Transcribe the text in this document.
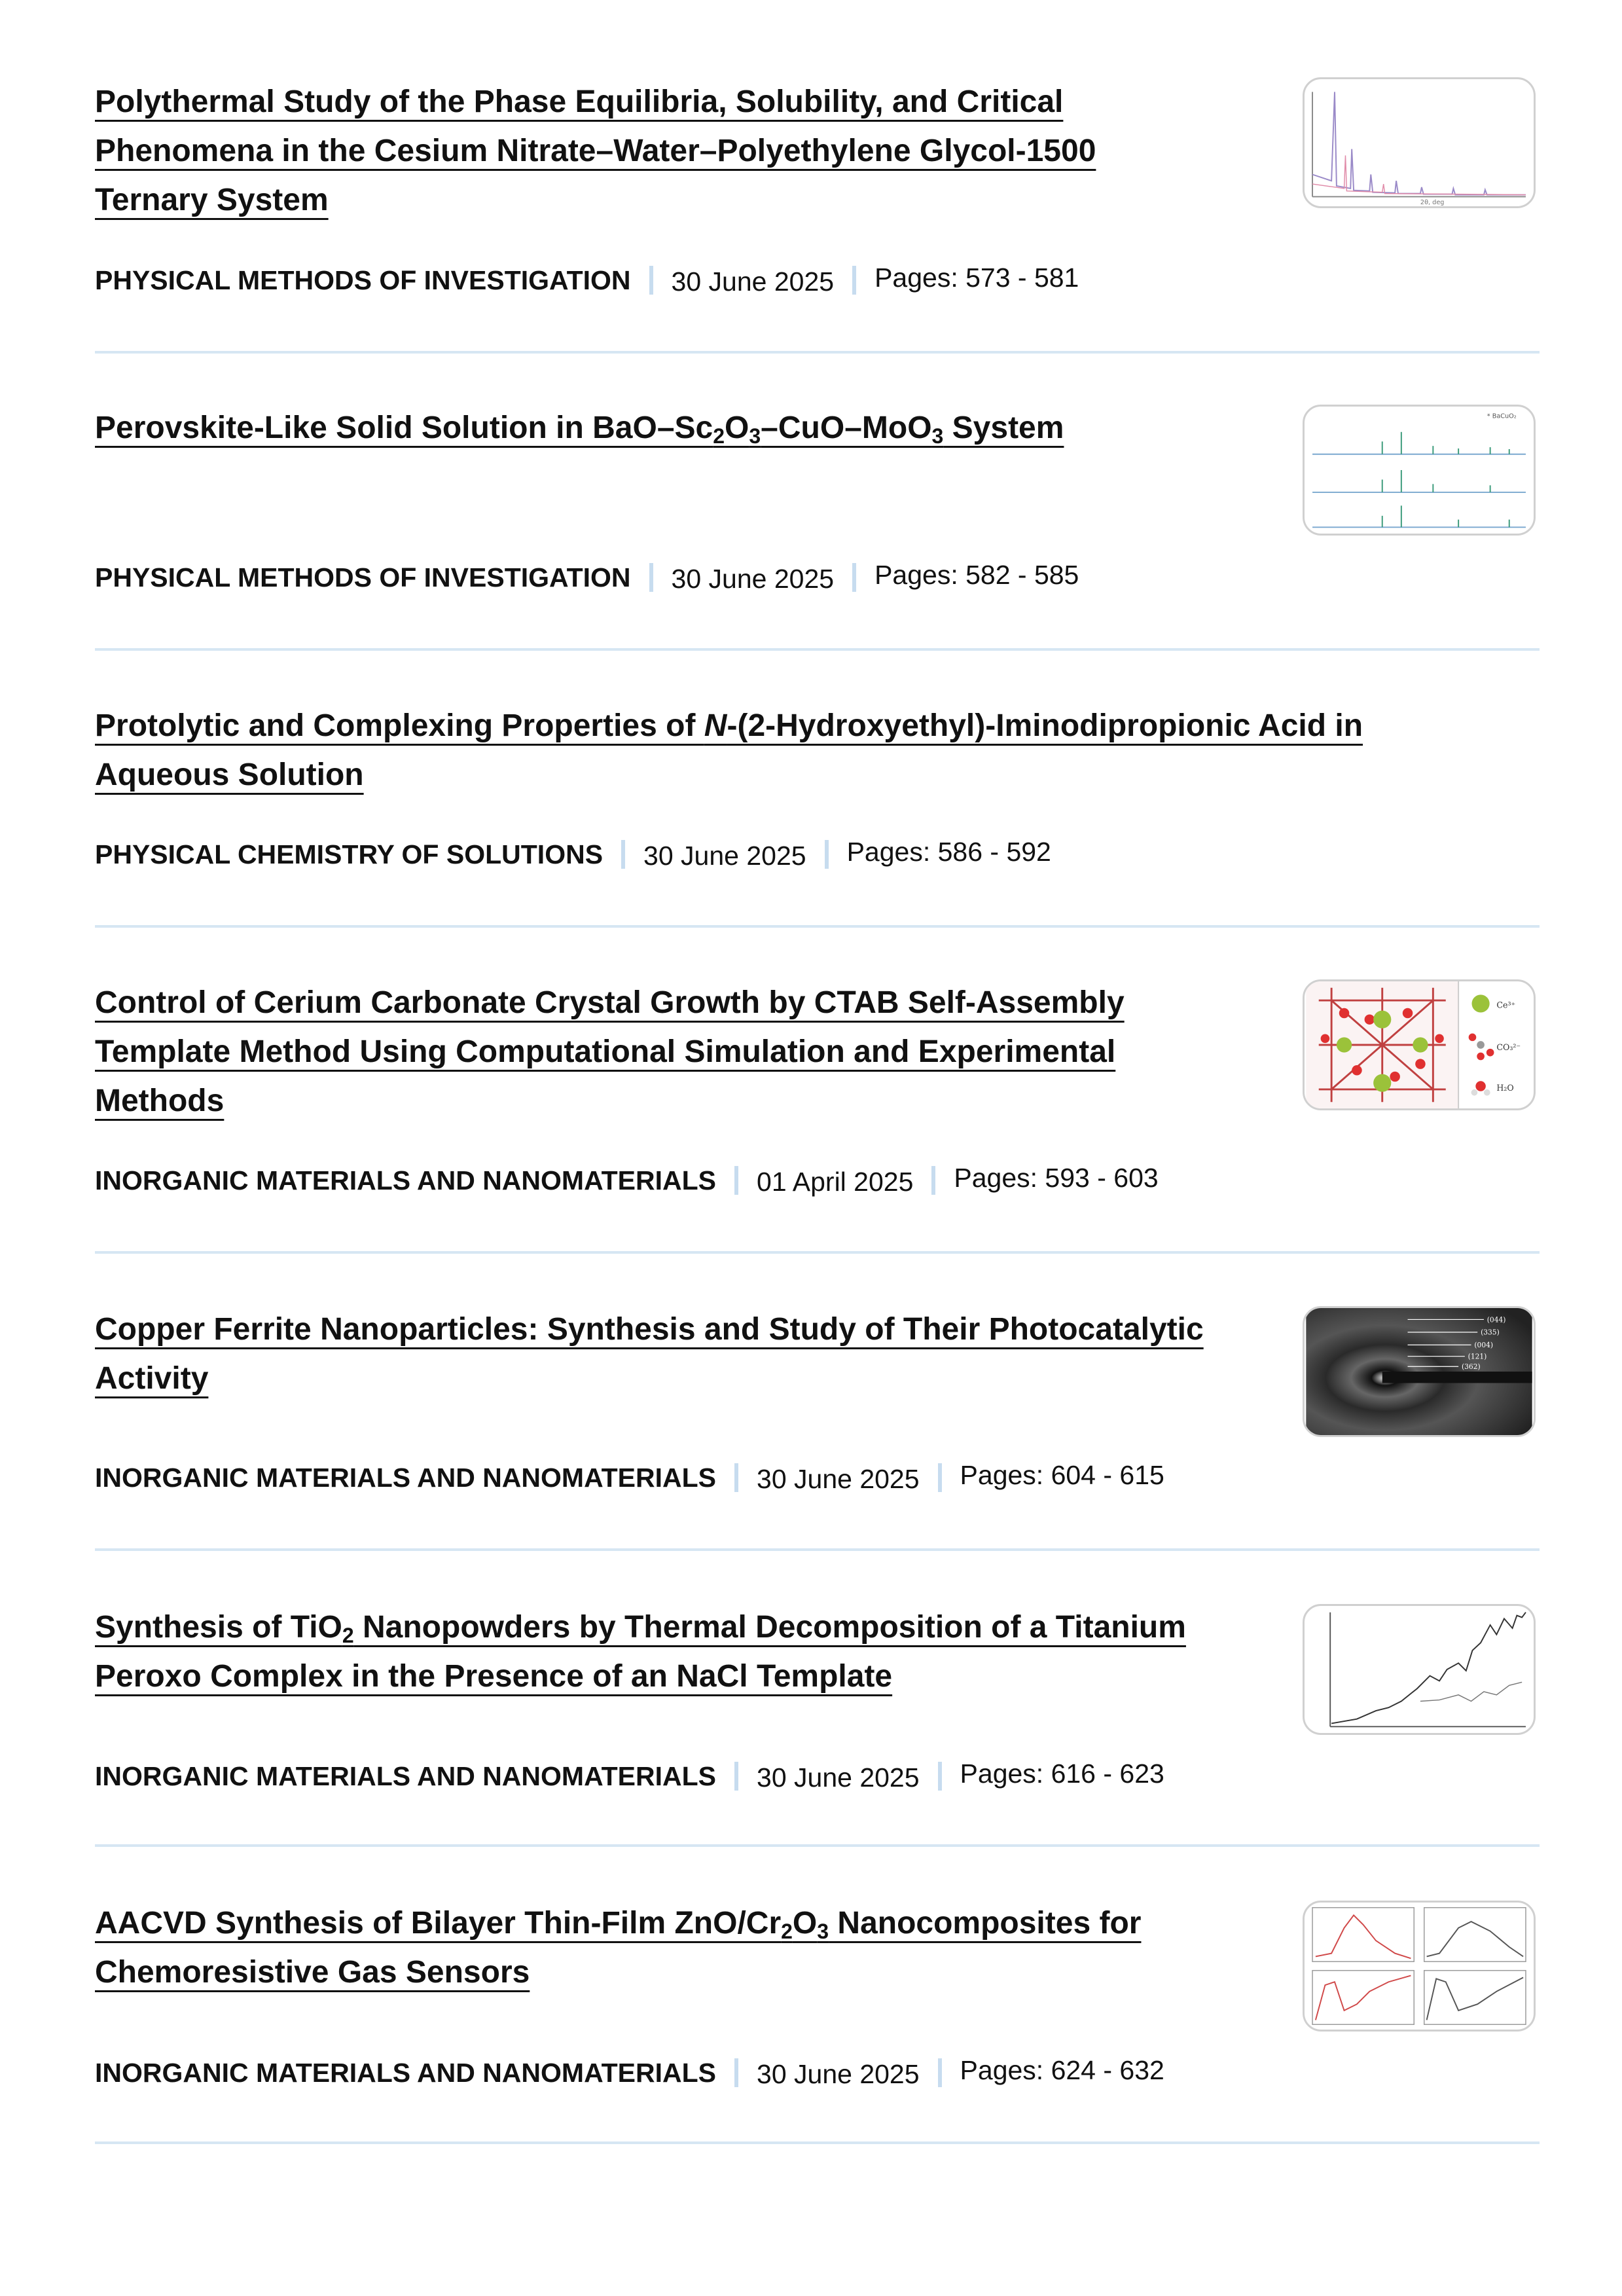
Polythermal Study of the Phase Equilibria, Solubility, and Critical Phenomena in the Cesium Nitrate–Water–Polyethylene Glycol-1500 Ternary System
PHYSICAL METHODS OF INVESTIGATION 30 June 2025 Pages: 573 - 581
2θ, deg
Perovskite-Like Solid Solution in BaO–$Sc_2O_3-CuO-MoO_3$ System
PHYSICAL METHODS OF INVESTIGATION 30 June 2025 Pages: 582 - 585
* BaCuO₂
Protolytic and Complexing Properties of N-(2-Hydroxyethyl)-Iminodipropionic Acid in Aqueous Solution
PHYSICAL CHEMISTRY OF SOLUTIONS 30 June 2025 Pages: 586 - 592
Control of Cerium Carbonate Crystal Growth by CTAB Self-Assembly Template Method Using Computational Simulation and Experimental Methods
INORGANIC MATERIALS AND NANOMATERIALS 01 April 2025 Pages: 593 - 603
Ce³⁺
CO₃²⁻
H₂O
Copper Ferrite Nanoparticles: Synthesis and Study of Their Photocatalytic Activity
INORGANIC MATERIALS AND NANOMATERIALS 30 June 2025 Pages: 604 - 615
(044)
(335)
(004)
(121)
(362)
Synthesis of TiO$_2$ Nanopowders by Thermal Decomposition of a Titanium Peroxo Complex in the Presence of an NaCl Template
INORGANIC MATERIALS AND NANOMATERIALS 30 June 2025 Pages: 616 - 623
AACVD Synthesis of Bilayer Thin-Film ZnO/$Cr_2O_3$ Nanocomposites for Chemoresistive Gas Sensors
INORGANIC MATERIALS AND NANOMATERIALS 30 June 2025 Pages: 624 - 632
